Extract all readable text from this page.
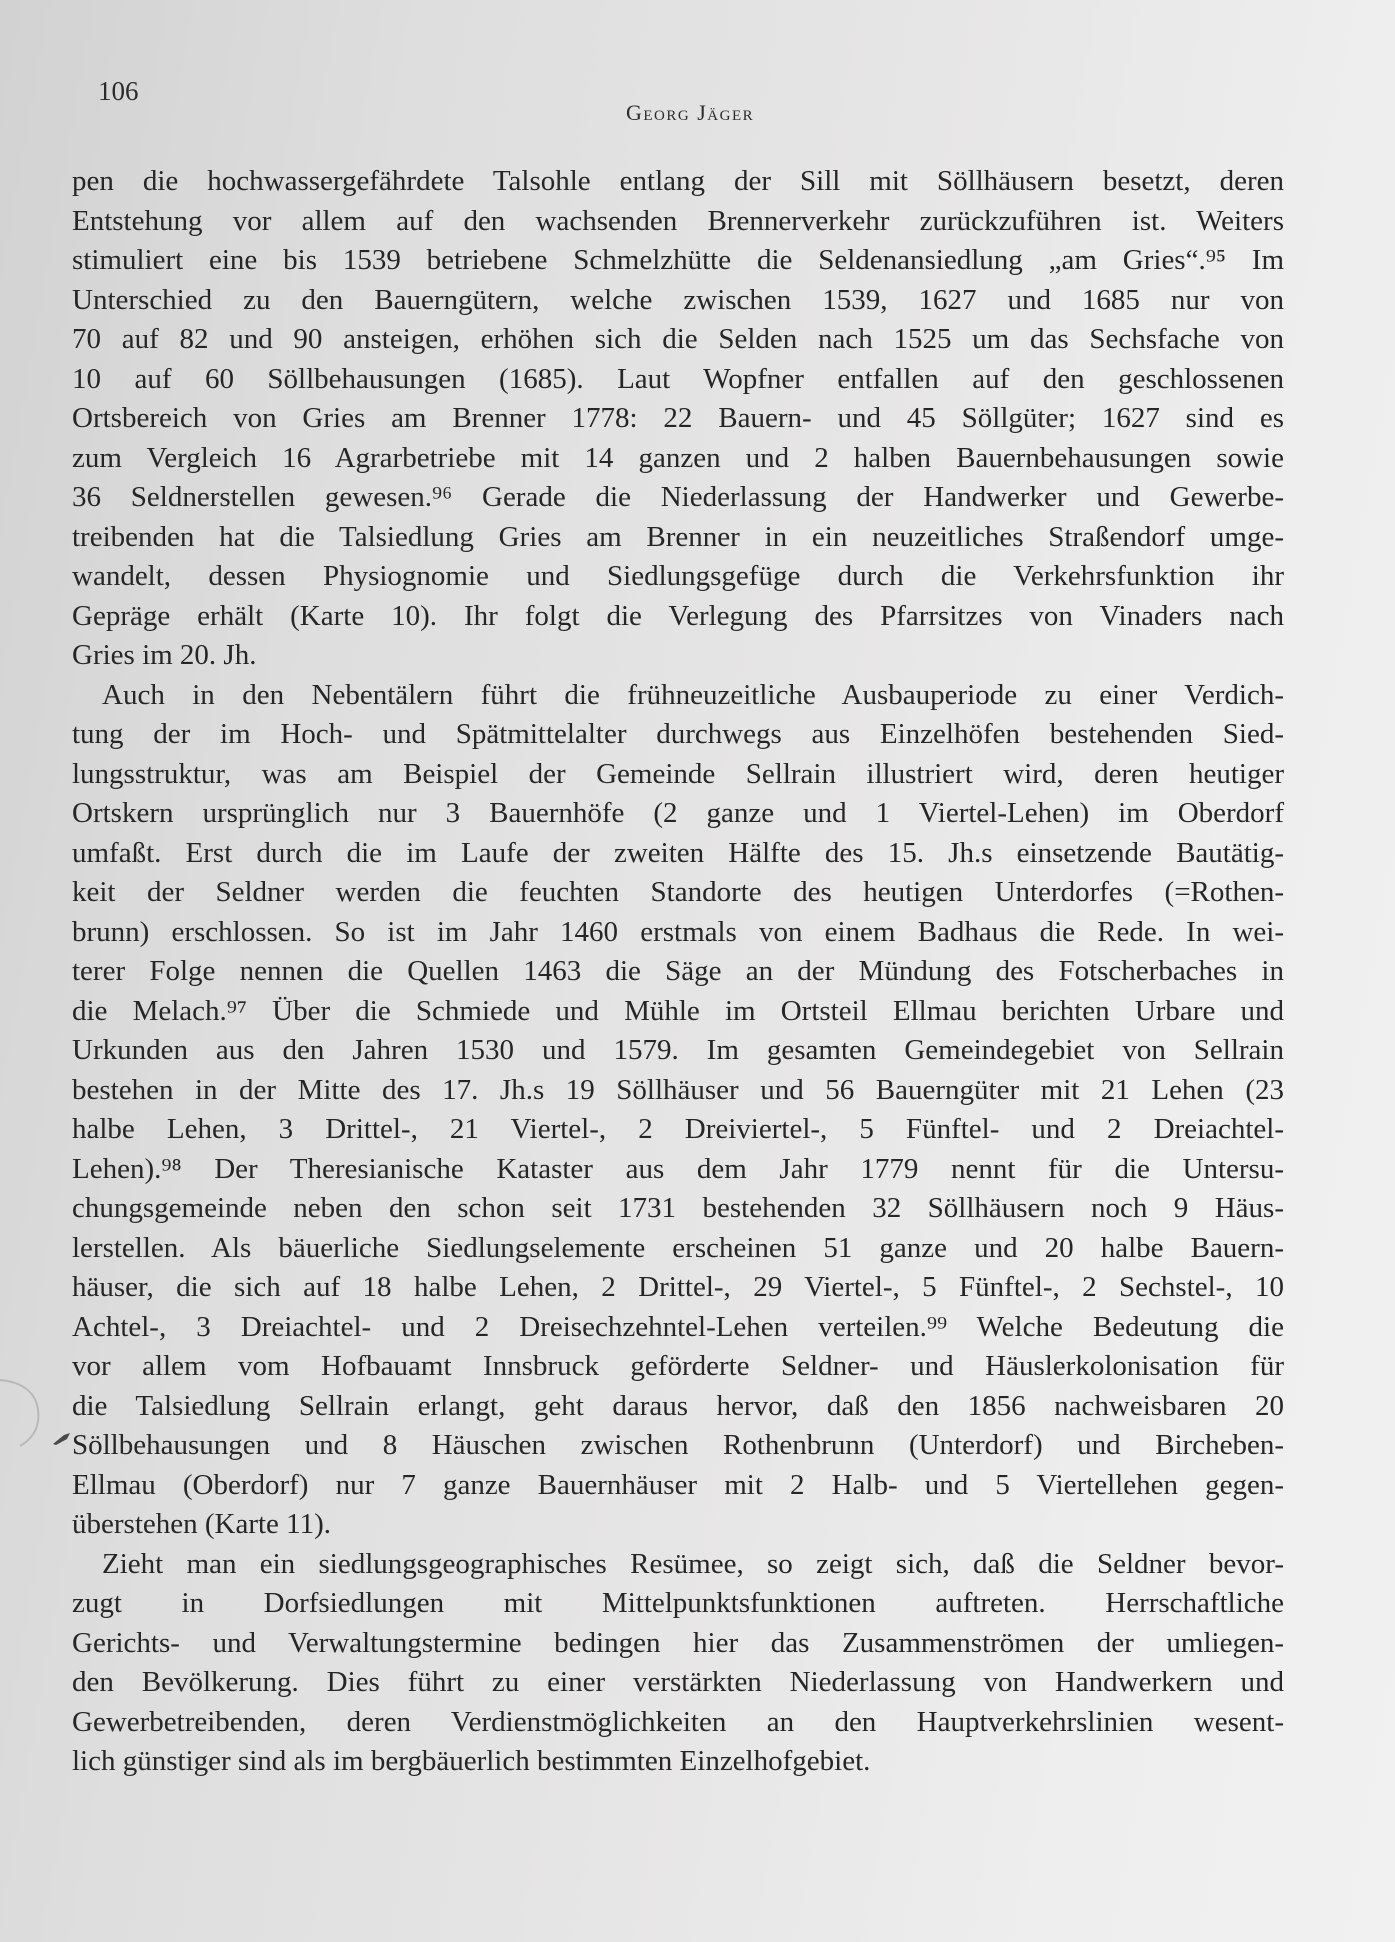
106
Georg Jäger
pen die hochwassergefährdete Talsohle entlang der Sill mit Söllhäusern besetzt, deren
Entstehung vor allem auf den wachsenden Brennerverkehr zurückzuführen ist. Weiters
stimuliert eine bis 1539 betriebene Schmelzhütte die Seldenansiedlung „am Gries“.⁹⁵ Im
Unterschied zu den Bauerngütern, welche zwischen 1539, 1627 und 1685 nur von
70 auf 82 und 90 ansteigen, erhöhen sich die Selden nach 1525 um das Sechsfache von
10 auf 60 Söllbehausungen (1685). Laut Wopfner entfallen auf den geschlossenen
Ortsbereich von Gries am Brenner 1778: 22 Bauern- und 45 Söllgüter; 1627 sind es
zum Vergleich 16 Agrarbetriebe mit 14 ganzen und 2 halben Bauernbehausungen sowie
36 Seldnerstellen gewesen.⁹⁶ Gerade die Niederlassung der Handwerker und Gewerbe-
treibenden hat die Talsiedlung Gries am Brenner in ein neuzeitliches Straßendorf umge-
wandelt, dessen Physiognomie und Siedlungsgefüge durch die Verkehrsfunktion ihr
Gepräge erhält (Karte 10). Ihr folgt die Verlegung des Pfarrsitzes von Vinaders nach
Gries im 20. Jh.
Auch in den Nebentälern führt die frühneuzeitliche Ausbauperiode zu einer Verdich-
tung der im Hoch- und Spätmittelalter durchwegs aus Einzelhöfen bestehenden Sied-
lungsstruktur, was am Beispiel der Gemeinde Sellrain illustriert wird, deren heutiger
Ortskern ursprünglich nur 3 Bauernhöfe (2 ganze und 1 Viertel-Lehen) im Oberdorf
umfaßt. Erst durch die im Laufe der zweiten Hälfte des 15. Jh.s einsetzende Bautätig-
keit der Seldner werden die feuchten Standorte des heutigen Unterdorfes (=Rothen-
brunn) erschlossen. So ist im Jahr 1460 erstmals von einem Badhaus die Rede. In wei-
terer Folge nennen die Quellen 1463 die Säge an der Mündung des Fotscherbaches in
die Melach.⁹⁷ Über die Schmiede und Mühle im Ortsteil Ellmau berichten Urbare und
Urkunden aus den Jahren 1530 und 1579. Im gesamten Gemeindegebiet von Sellrain
bestehen in der Mitte des 17. Jh.s 19 Söllhäuser und 56 Bauerngüter mit 21 Lehen (23
halbe Lehen, 3 Drittel-, 21 Viertel-, 2 Dreiviertel-, 5 Fünftel- und 2 Dreiachtel-
Lehen).⁹⁸ Der Theresianische Kataster aus dem Jahr 1779 nennt für die Untersu-
chungsgemeinde neben den schon seit 1731 bestehenden 32 Söllhäusern noch 9 Häus-
lerstellen. Als bäuerliche Siedlungselemente erscheinen 51 ganze und 20 halbe Bauern-
häuser, die sich auf 18 halbe Lehen, 2 Drittel-, 29 Viertel-, 5 Fünftel-, 2 Sechstel-, 10
Achtel-, 3 Dreiachtel- und 2 Dreisechzehntel-Lehen verteilen.⁹⁹ Welche Bedeutung die
vor allem vom Hofbauamt Innsbruck geförderte Seldner- und Häuslerkolonisation für
die Talsiedlung Sellrain erlangt, geht daraus hervor, daß den 1856 nachweisbaren 20
Söllbehausungen und 8 Häuschen zwischen Rothenbrunn (Unterdorf) und Bircheben-
Ellmau (Oberdorf) nur 7 ganze Bauernhäuser mit 2 Halb- und 5 Viertellehen gegen-
überstehen (Karte 11).
Zieht man ein siedlungsgeographisches Resümee, so zeigt sich, daß die Seldner bevor-
zugt in Dorfsiedlungen mit Mittelpunktsfunktionen auftreten. Herrschaftliche
Gerichts- und Verwaltungstermine bedingen hier das Zusammenströmen der umliegen-
den Bevölkerung. Dies führt zu einer verstärkten Niederlassung von Handwerkern und
Gewerbetreibenden, deren Verdienstmöglichkeiten an den Hauptverkehrslinien wesent-
lich günstiger sind als im bergbäuerlich bestimmten Einzelhofgebiet.
